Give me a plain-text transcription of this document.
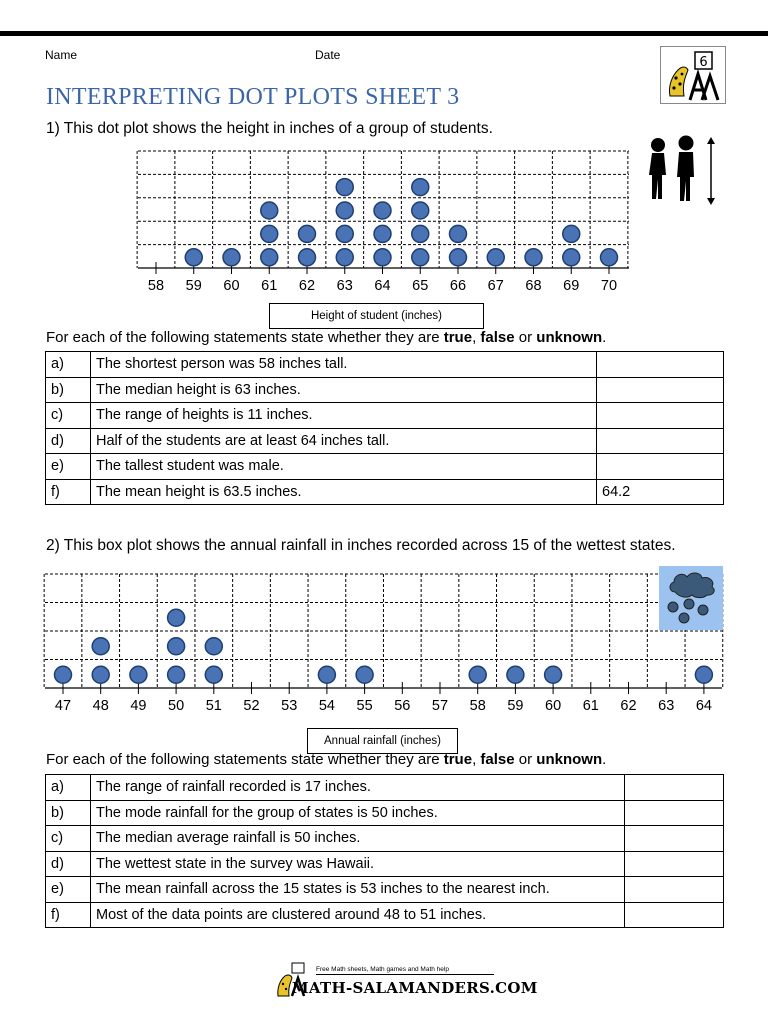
Name	Date	6
INTERPRETING DOT PLOTS SHEET 3

1) This dot plot shows the height in inches of a group of students.

58 59 60 61 62 63 64 65 66 67 68 69 70
Height of student (inches)
For each of the following statements state whether they are true, false or unknown.
a)	The shortest person was 58 inches tall.	
b)	The median height is 63 inches.	
c)	The range of heights is 11 inches.	
d)	Half of the students are at least 64 inches tall.	
e)	The tallest student was male.	
f)	The mean height is 63.5 inches.	64.2

2) This box plot shows the annual rainfall in inches recorded across 15 of the wettest states.

47 48 49 50 51 52 53 54 55 56 57 58 59 60 61 62 63 64
Annual rainfall (inches)
For each of the following statements state whether they are true, false or unknown.
a)	The range of rainfall recorded is 17 inches.	
b)	The mode rainfall for the group of states is 50 inches.	
c)	The median average rainfall is 50 inches.	
d)	The wettest state in the survey was Hawaii.	
e)	The mean rainfall across the 15 states is 53 inches to the nearest inch.	
f)	Most of the data points are clustered around 48 to 51 inches.	
Free Math sheets, Math games and Math help
MATH-SALAMANDERS.COM
